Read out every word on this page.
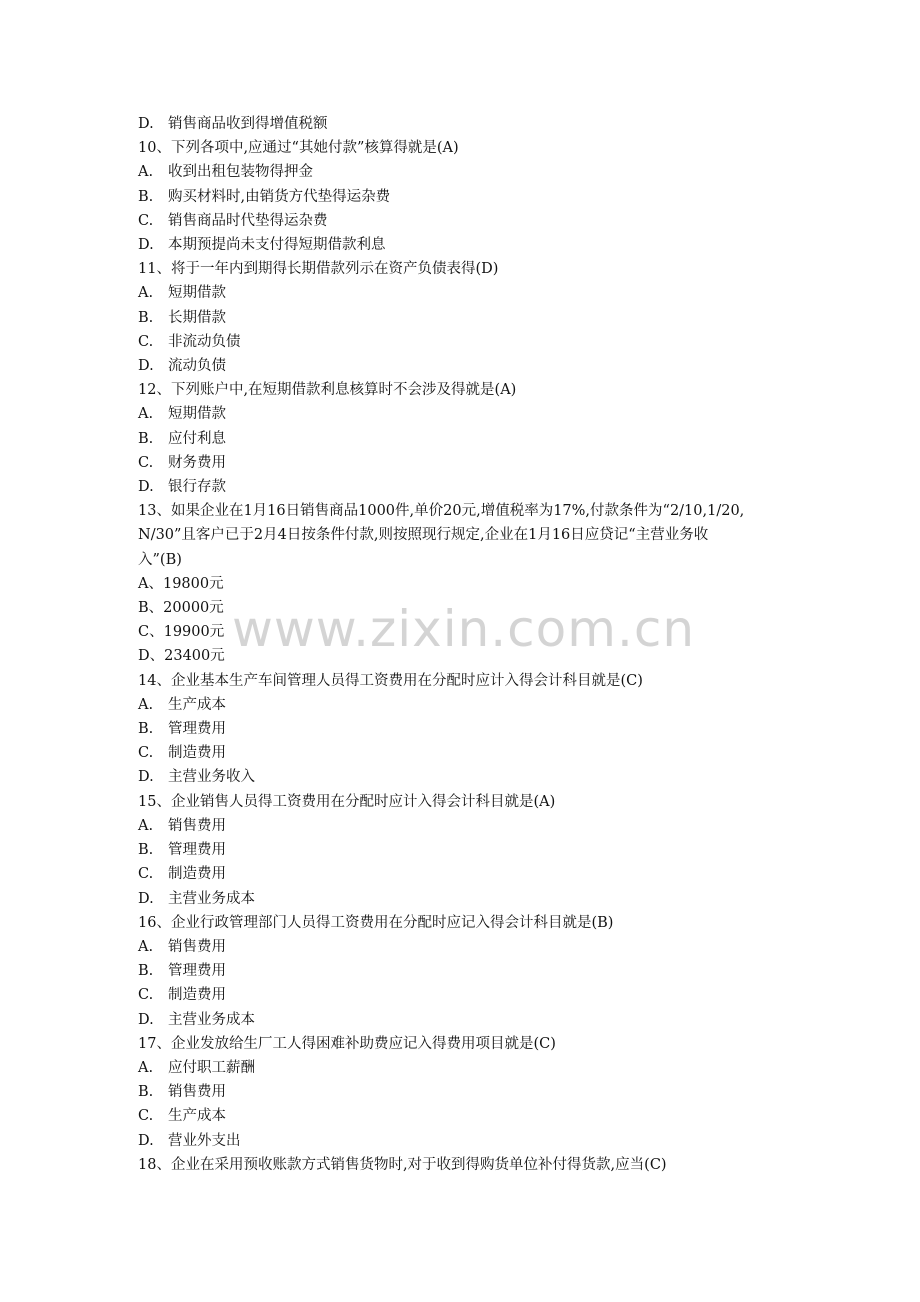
D. 销售商品收到得增值税额
10、下列各项中,应通过“其她付款”核算得就是(A)
A. 收到出租包装物得押金
B. 购买材料时,由销货方代垫得运杂费
C. 销售商品时代垫得运杂费
D. 本期预提尚未支付得短期借款利息
11、将于一年内到期得长期借款列示在资产负债表得(D)
A. 短期借款
B. 长期借款
C. 非流动负债
D. 流动负债
12、下列账户中,在短期借款利息核算时不会涉及得就是(A)
A. 短期借款
B. 应付利息
C. 财务费用
D. 银行存款
13、如果企业在1月16日销售商品1000件,单价20元,增值税率为17%,付款条件为“2/10,1/20,
N/30”且客户已于2月4日按条件付款,则按照现行规定,企业在1月16日应贷记“主营业务收
入”(B)
A、19800元
B、20000元
C、19900元
D、23400元
14、企业基本生产车间管理人员得工资费用在分配时应计入得会计科目就是(C)
A. 生产成本
B. 管理费用
C. 制造费用
D. 主营业务收入
15、企业销售人员得工资费用在分配时应计入得会计科目就是(A)
A. 销售费用
B. 管理费用
C. 制造费用
D. 主营业务成本
16、企业行政管理部门人员得工资费用在分配时应记入得会计科目就是(B)
A. 销售费用
B. 管理费用
C. 制造费用
D. 主营业务成本
17、企业发放给生厂工人得困难补助费应记入得费用项目就是(C)
A. 应付职工薪酬
B. 销售费用
C. 生产成本
D. 营业外支出
18、企业在采用预收账款方式销售货物时,对于收到得购货单位补付得货款,应当(C)
www.zixin.com.cn
